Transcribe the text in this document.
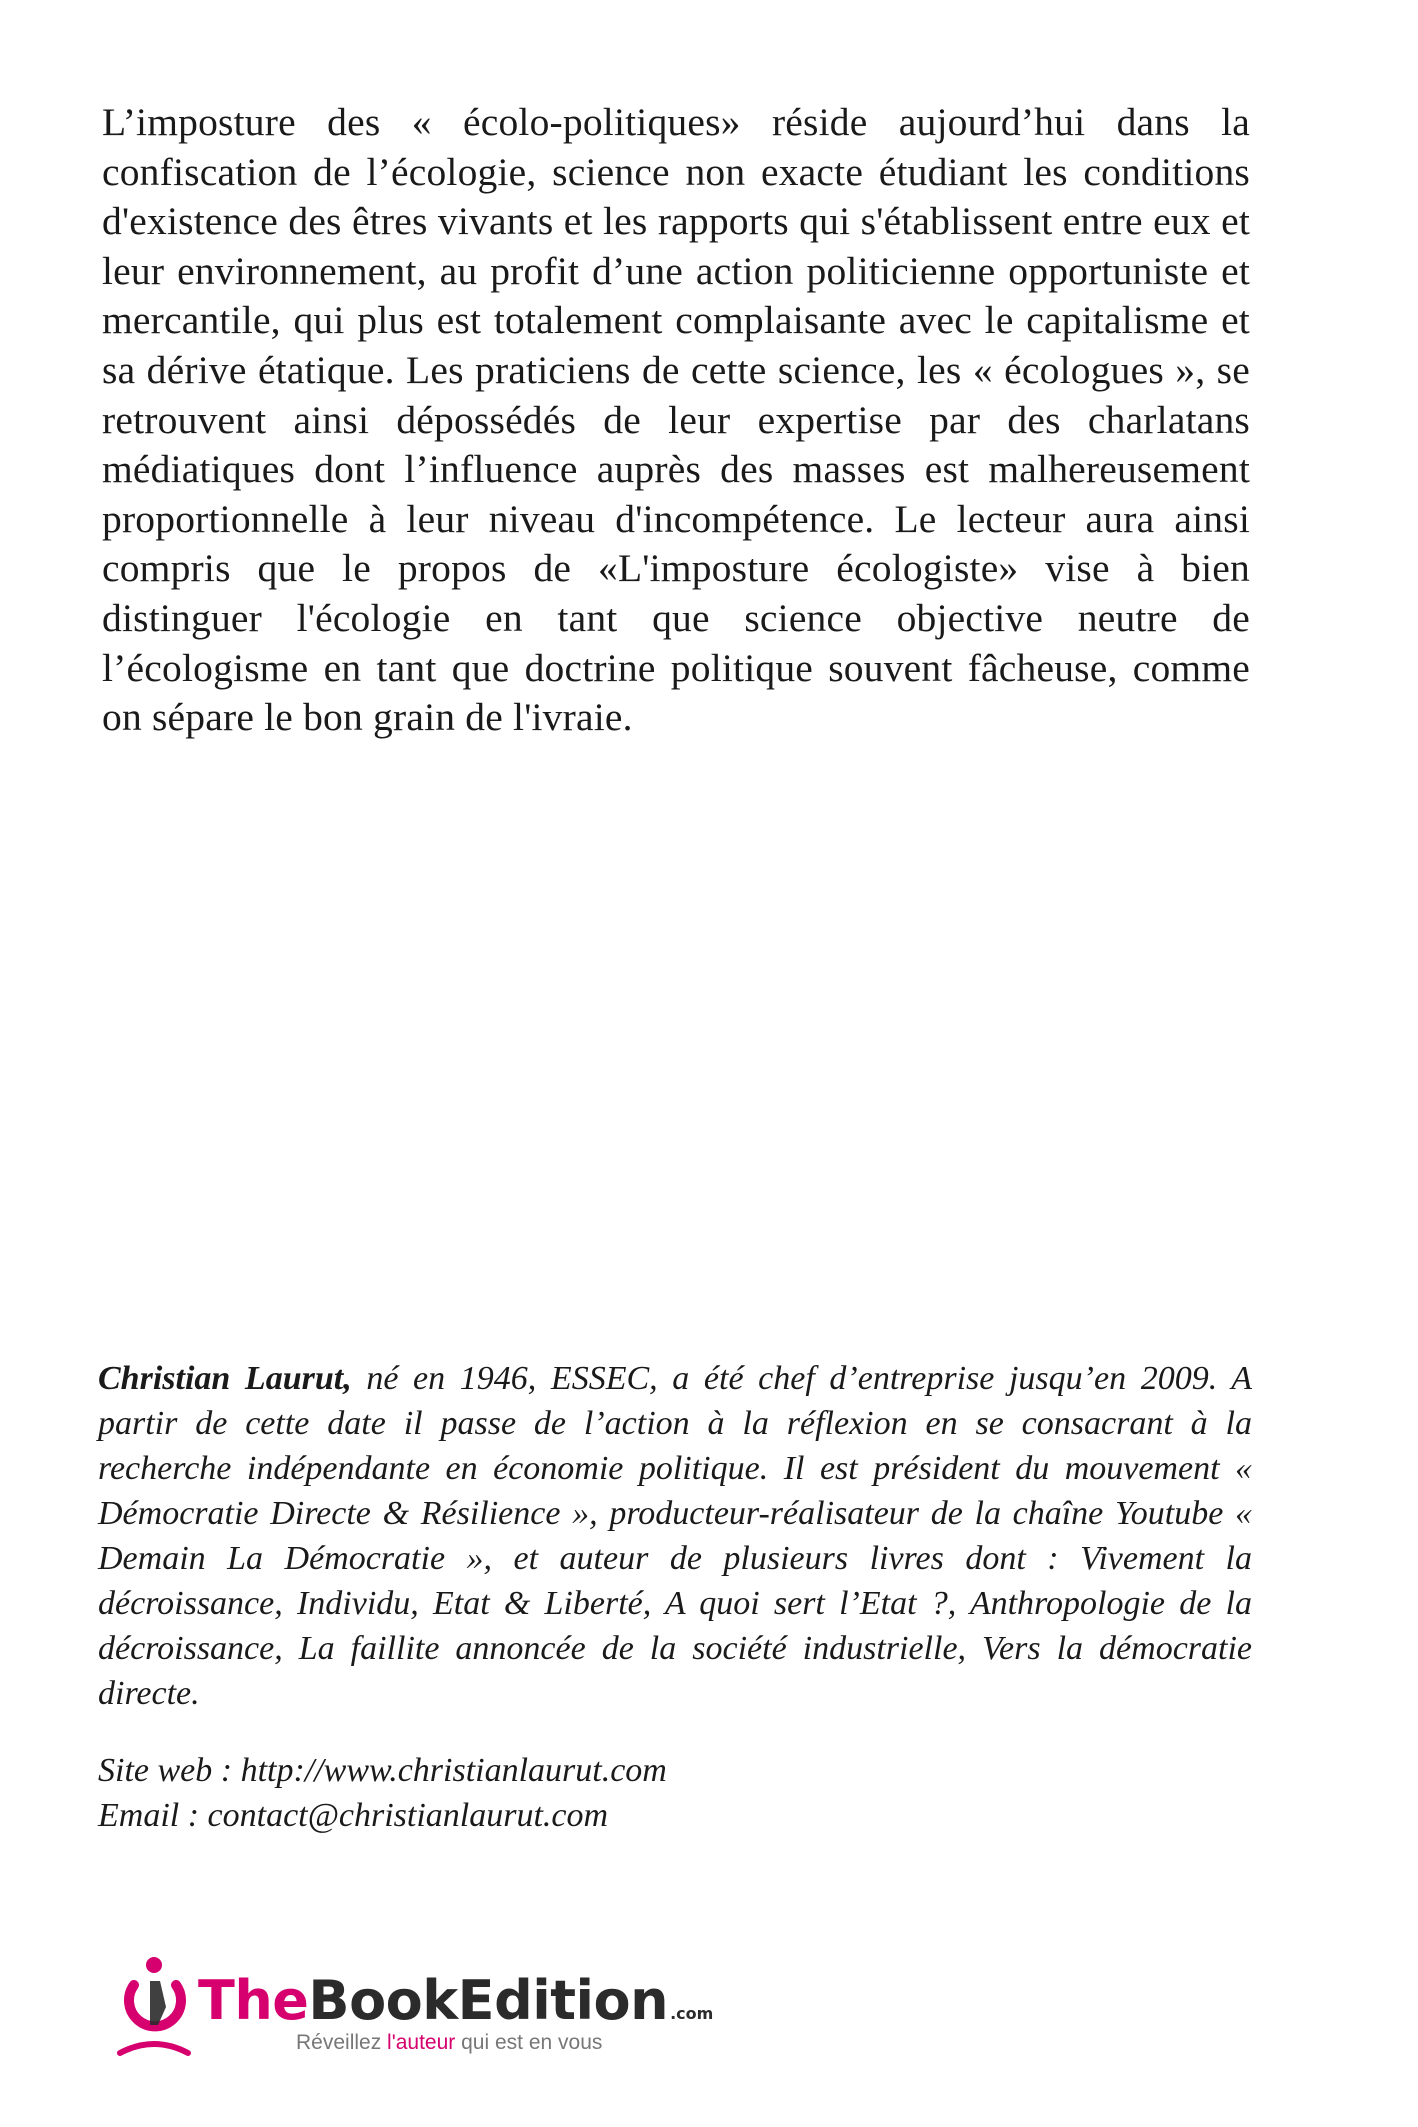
L’imposture des « écolo-politiques» réside aujourd’hui dans la confiscation de l’écologie, science non exacte étudiant les conditions d'existence des êtres vivants et les rapports qui s'établissent entre eux et leur environnement, au profit d’une action politicienne opportuniste et mercantile, qui plus est totalement complaisante avec le capitalisme et sa dérive étatique. Les praticiens de cette science, les « écologues », se retrouvent ainsi dépossédés de leur expertise par des charlatans médiatiques dont l’influence auprès des masses est malhereusement proportionnelle à leur niveau d'incompétence. Le lecteur aura ainsi compris que le propos de «L'imposture écologiste» vise à bien distinguer l'écologie en tant que science objective neutre de l’écologisme en tant que doctrine politique souvent fâcheuse, comme on sépare le bon grain de l'ivraie.

Christian Laurut, né en 1946, ESSEC, a été chef d’entreprise jusqu’en 2009. A partir de cette date il passe de l’action à la réflexion en se consacrant à la recherche indépendante en économie politique. Il est président du mouvement « Démocratie Directe & Résilience », producteur-réalisateur de la chaîne Youtube « Demain La Démocratie », et auteur de plusieurs livres dont : Vivement la décroissance, Individu, Etat & Liberté, A quoi sert l’Etat ?, Anthropologie de la décroissance, La faillite annoncée de la société industrielle, Vers la démocratie directe.

Site web : http://www.christianlaurut.com
Email : contact@christianlaurut.com
TheBookEdition .com
Réveillez l'auteur qui est en vous
